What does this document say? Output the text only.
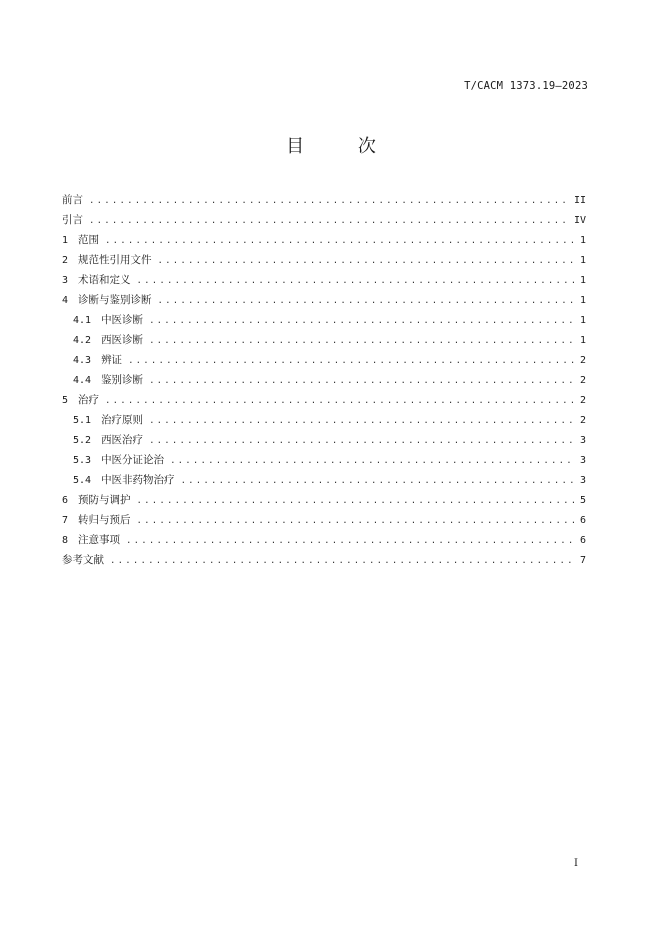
T/CACM 1373.19—2023
目 次
前言 .....	II
引言 .....	IV
1 范围 .....	1
2 规范性引用文件 .....	1
3 术语和定义 .....	1
4 诊断与鉴别诊断 .....	1
4.1 中医诊断 .....	1
4.2 西医诊断 .....	1
4.3 辨证 .....	2
4.4 鉴别诊断 .....	2
5 治疗 .....	2
5.1 治疗原则 .....	2
5.2 西医治疗 .....	3
5.3 中医分证论治 .....	3
5.4 中医非药物治疗 .....	3
6 预防与调护 .....	5
7 转归与预后 .....	6
8 注意事项 .....	6
参考文献 .....	7
I
